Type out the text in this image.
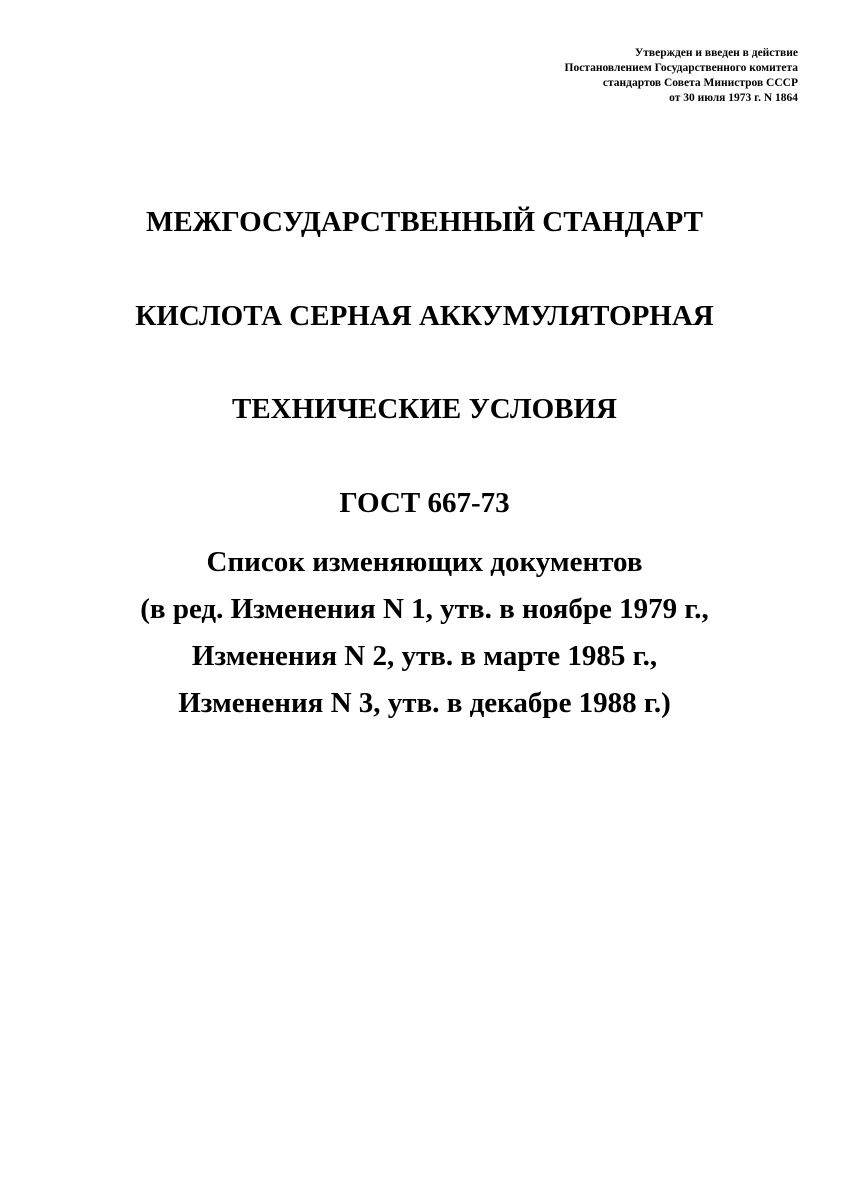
Утвержден и введен в действие
Постановлением Государственного комитета
стандартов Совета Министров СССР
от 30 июля 1973 г. N 1864
МЕЖГОСУДАРСТВЕННЫЙ СТАНДАРТ
КИСЛОТА СЕРНАЯ АККУМУЛЯТОРНАЯ
ТЕХНИЧЕСКИЕ УСЛОВИЯ
ГОСТ 667-73
Список изменяющих документов
(в ред. Изменения N 1, утв. в ноябре 1979 г.,
Изменения N 2, утв. в марте 1985 г.,
Изменения N 3, утв. в декабре 1988 г.)
